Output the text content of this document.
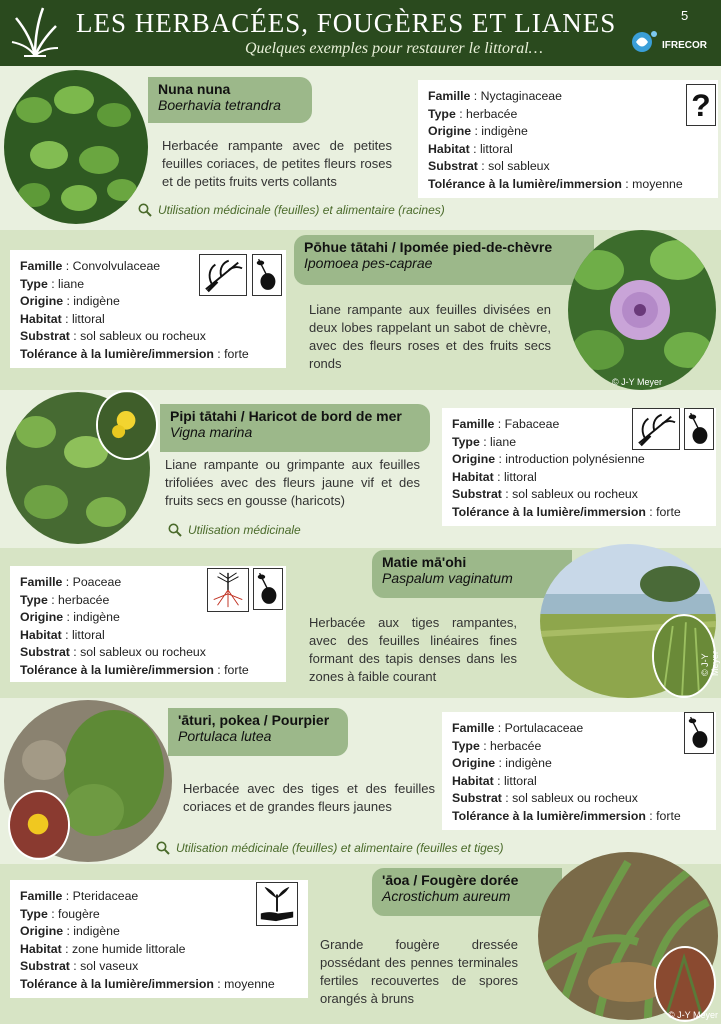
LES HERBACÉES, FOUGÈRES ET LIANES
Quelques exemples pour restaurer le littoral…
5
IFRECOR
Nuna nuna
Boerhavia tetrandra
Herbacée rampante avec de petites feuilles coriaces, de petites fleurs roses et de petits fruits verts collants
Famille : Nyctaginaceae
Type : herbacée
Origine : indigène
Habitat : littoral
Substrat : sol sableux
Tolérance à la lumière/immersion : moyenne
?
Utilisation médicinale (feuilles) et alimentaire (racines)
Famille : Convolvulaceae
Type : liane
Origine : indigène
Habitat : littoral
Substrat : sol sableux ou rocheux
Tolérance à la lumière/immersion : forte
Pōhue tātahi / Ipomée pied-de-chèvre
Ipomoea pes-caprae
Liane rampante aux feuilles divisées en deux lobes rappelant un sabot de chèvre, avec des fleurs roses et des fruits secs ronds
© J-Y Meyer
Pipi tātahi / Haricot de bord de mer
Vigna marina
Liane rampante ou grimpante aux feuilles trifoliées avec des fleurs jaune vif et des fruits secs en gousse (haricots)
Famille : Fabaceae
Type : liane
Origine : introduction polynésienne
Habitat : littoral
Substrat : sol sableux ou rocheux
Tolérance à la lumière/immersion : forte
Utilisation médicinale
Famille : Poaceae
Type : herbacée
Origine : indigène
Habitat : littoral
Substrat : sol sableux ou rocheux
Tolérance à la lumière/immersion : forte
Matie mā'ohi
Paspalum vaginatum
Herbacée aux tiges rampantes, avec des feuilles linéaires fines formant des tapis denses dans les zones à faible courant
© J-Y Meyer
'āturi, pokea / Pourpier
Portulaca lutea
Herbacée avec des tiges et des feuilles coriaces et de grandes fleurs jaunes
Famille : Portulacaceae
Type : herbacée
Origine : indigène
Habitat : littoral
Substrat : sol sableux ou rocheux
Tolérance à la lumière/immersion : forte
Utilisation médicinale (feuilles) et alimentaire (feuilles et tiges)
Famille : Pteridaceae
Type : fougère
Origine : indigène
Habitat : zone humide littorale
Substrat : sol vaseux
Tolérance à la lumière/immersion : moyenne
'āoa / Fougère dorée
Acrostichum aureum
Grande fougère dressée possédant des pennes terminales fertiles recouvertes de spores orangés à bruns
© J-Y Meyer
